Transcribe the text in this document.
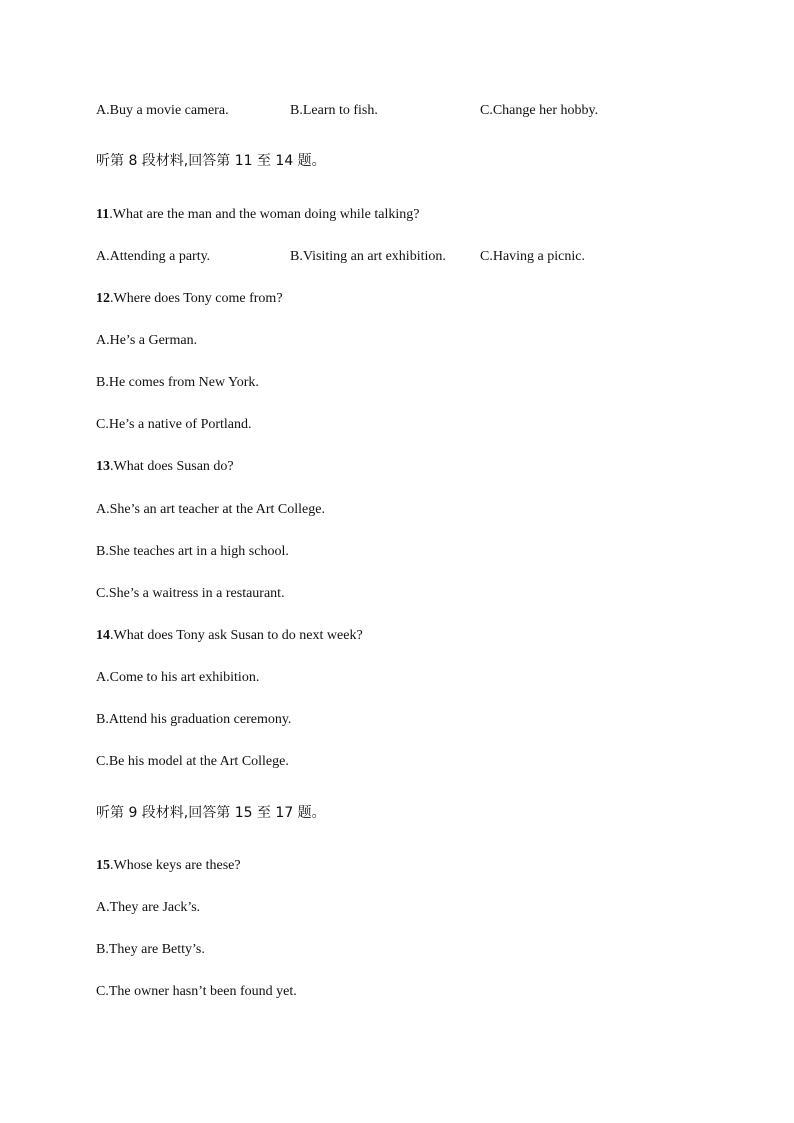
A.Buy a movie camera.	B.Learn to fish.	C.Change her hobby.
听第 8 段材料,回答第 11 至 14 题。
11.What are the man and the woman doing while talking?
A.Attending a party.	B.Visiting an art exhibition. C.Having a picnic.
12.Where does Tony come from?
A.He’s a German.
B.He comes from New York.
C.He’s a native of Portland.
13.What does Susan do?
A.She’s an art teacher at the Art College.
B.She teaches art in a high school.
C.She’s a waitress in a restaurant.
14.What does Tony ask Susan to do next week?
A.Come to his art exhibition.
B.Attend his graduation ceremony.
C.Be his model at the Art College.
听第 9 段材料,回答第 15 至 17 题。
15.Whose keys are these?
A.They are Jack’s.
B.They are Betty’s.
C.The owner hasn’t been found yet.
